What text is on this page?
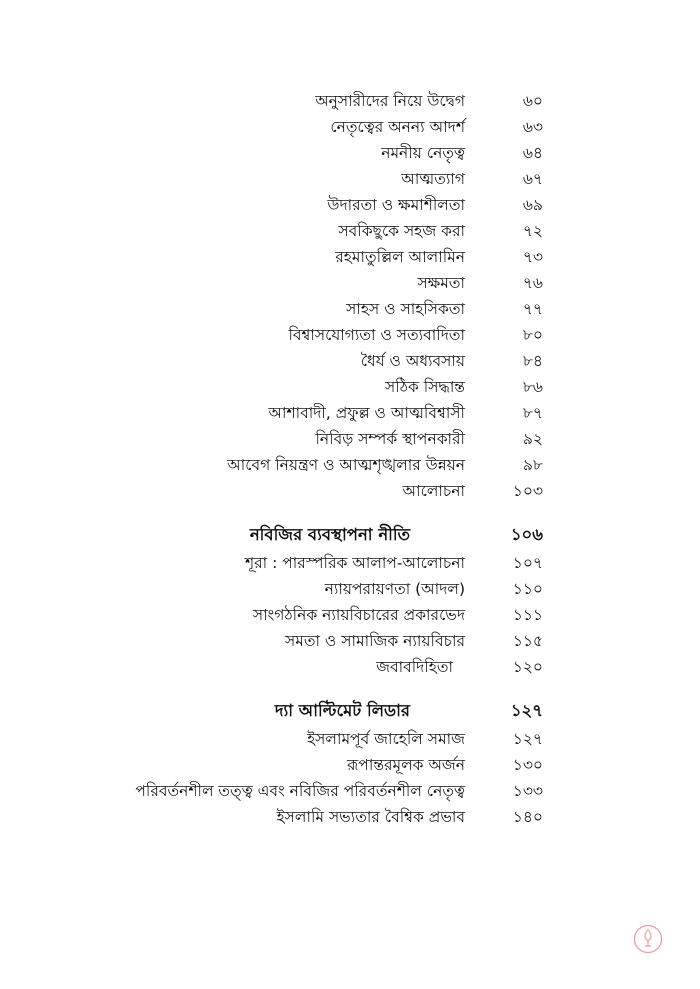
অনুসারীদের নিয়ে উদ্বেগ	৬০
নেতৃত্বের অনন্য আদর্শ	৬৩
নমনীয় নেতৃত্ব	৬৪
আত্মত্যাগ	৬৭
উদারতা ও ক্ষমাশীলতা	৬৯
সবকিছুকে সহজ করা	৭২
রহমাতুল্লিল আলামিন	৭৩
সক্ষমতা	৭৬
সাহস ও সাহসিকতা	৭৭
বিশ্বাসযোগ্যতা ও সত্যবাদিতা	৮০
ধৈর্য ও অধ্যবসায়	৮৪
সঠিক সিদ্ধান্ত	৮৬
আশাবাদী, প্রফুল্ল ও আত্মবিশ্বাসী	৮৭
নিবিড় সম্পর্ক স্থাপনকারী	৯২
আবেগ নিয়ন্ত্রণ ও আত্মশৃঙ্খলার উন্নয়ন	৯৮
আলোচনা	১০৩
নবিজির ব্যবস্থাপনা নীতি	১০৬
শূরা : পারস্পরিক আলাপ-আলোচনা	১০৭
ন্যায়পরায়ণতা (আদল)	১১০
সাংগঠনিক ন্যায়বিচারের প্রকারভেদ	১১১
সমতা ও সামাজিক ন্যায়বিচার	১১৫
জবাবদিহিতা	১২০
দ্যা আল্টিমেট লিডার	১২৭
ইসলামপূর্ব জাহেলি সমাজ	১২৭
রূপান্তরমূলক অর্জন	১৩০
পরিবর্তনশীল তত্ত্ব এবং নবিজির পরিবর্তনশীল নেতৃত্ব	১৩৩
ইসলামি সভ্যতার বৈশ্বিক প্রভাব	১৪০
